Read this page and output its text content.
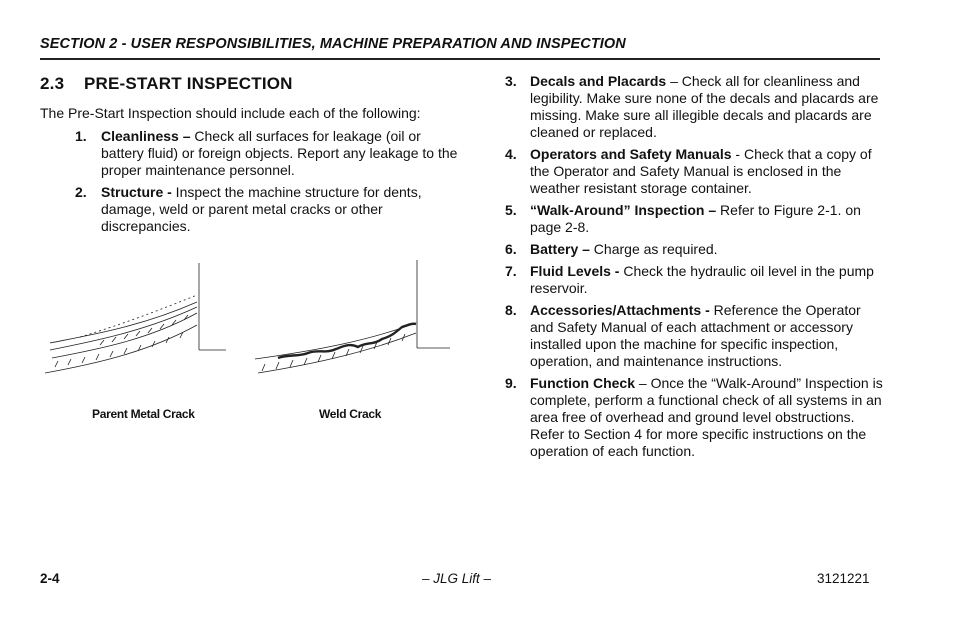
SECTION 2 - USER RESPONSIBILITIES, MACHINE PREPARATION AND INSPECTION
2.3 PRE-START INSPECTION

The Pre-Start Inspection should include each of the following:

1. Cleanliness – Check all surfaces for leakage (oil or battery fluid) or foreign objects. Report any leakage to the proper maintenance personnel.
2. Structure - Inspect the machine structure for dents, damage, weld or parent metal cracks or other discrepancies.
Parent Metal Crack	Weld Crack
3. Decals and Placards – Check all for cleanliness and legibility. Make sure none of the decals and placards are missing. Make sure all illegible decals and placards are cleaned or replaced.
4. Operators and Safety Manuals - Check that a copy of the Operator and Safety Manual is enclosed in the weather resistant storage container.
5. “Walk-Around” Inspection – Refer to Figure 2-1. on page 2-8.
6. Battery – Charge as required.
7. Fluid Levels - Check the hydraulic oil level in the pump reservoir.
8. Accessories/Attachments - Reference the Operator and Safety Manual of each attachment or accessory installed upon the machine for specific inspection, operation, and maintenance instructions.
9. Function Check – Once the “Walk-Around” Inspection is complete, perform a functional check of all systems in an area free of overhead and ground level obstructions. Refer to Section 4 for more specific instructions on the operation of each function.
2-4	– JLG Lift –	3121221
